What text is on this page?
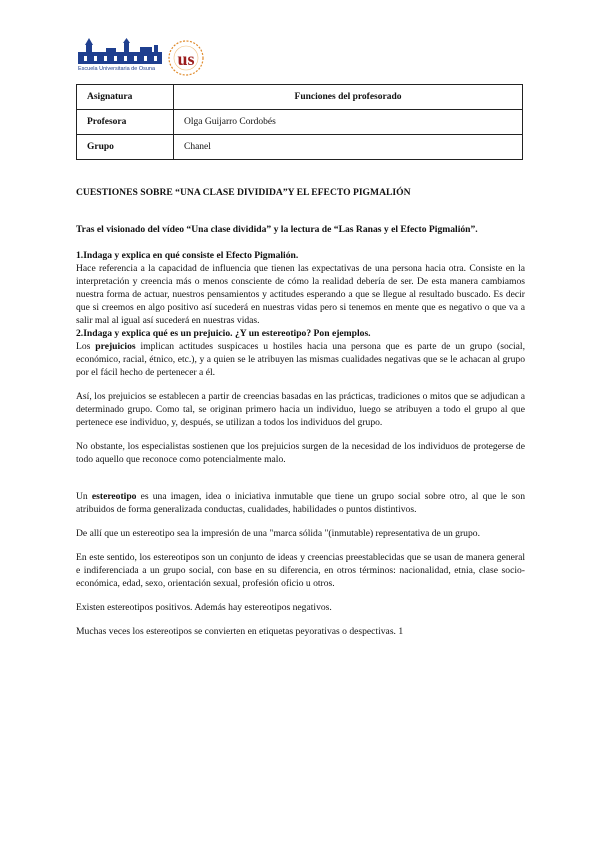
Escuela Universitaria de Osuna us
Asignatura	Funciones del profesorado
Profesora	Olga Guijarro Cordobés
Grupo	Chanel

CUESTIONES SOBRE “UNA CLASE DIVIDIDA”Y EL EFECTO PIGMALIÓN

Tras el visionado del vídeo “Una clase dividida” y la lectura de “Las Ranas y el Efecto Pigmalión”.

1.Indaga y explica en qué consiste el Efecto Pigmalión.

Hace referencia a la capacidad de influencia que tienen las expectativas de una persona hacia otra. Consiste en la interpretación y creencia más o menos consciente de cómo la realidad debería de ser. De esta manera cambiamos nuestra forma de actuar, nuestros pensamientos y actitudes esperando a que se llegue al resultado buscado. Es decir que si creemos en algo positivo así sucederá en nuestras vidas pero si tenemos en mente que es negativo o que va a salir mal al igual así sucederá en nuestras vidas.

2.Indaga y explica qué es un prejuicio. ¿Y un estereotipo? Pon ejemplos.

Los prejuicios implican actitudes suspicaces u hostiles hacia una persona que es parte de un grupo (social, económico, racial, étnico, etc.), y a quien se le atribuyen las mismas cualidades negativas que se le achacan al grupo por el fácil hecho de pertenecer a él.

Así, los prejuicios se establecen a partir de creencias basadas en las prácticas, tradiciones o mitos que se adjudican a determinado grupo. Como tal, se originan primero hacia un individuo, luego se atribuyen a todo el grupo al que pertenece ese individuo, y, después, se utilizan a todos los individuos del grupo.

No obstante, los especialistas sostienen que los prejuicios surgen de la necesidad de los individuos de protegerse de todo aquello que reconoce como potencialmente malo.

Un estereotipo es una imagen, idea o iniciativa inmutable que tiene un grupo social sobre otro, al que le son atribuidos de forma generalizada conductas, cualidades, habilidades o puntos distintivos.

De allí que un estereotipo sea la impresión de una "marca sólida "(inmutable) representativa de un grupo.

En este sentido, los estereotipos son un conjunto de ideas y creencias preestablecidas que se usan de manera general e indiferenciada a un grupo social, con base en su diferencia, en otros términos: nacionalidad, etnia, clase socio-económica, edad, sexo, orientación sexual, profesión oficio u otros.

Existen estereotipos positivos. Además hay estereotipos negativos.

Muchas veces los estereotipos se convierten en etiquetas peyorativas o despectivas. 1
